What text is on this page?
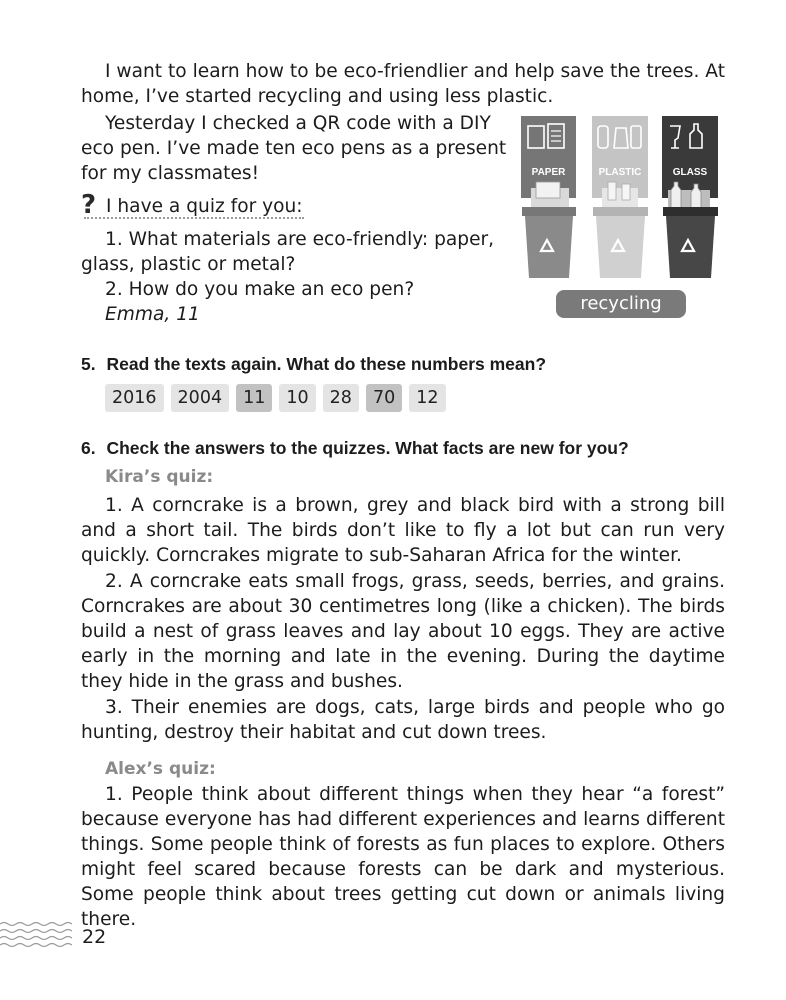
I want to learn how to be eco-friendlier and help save the trees. At home, I’ve started recycling and using less plastic.

Yesterday I checked a QR code with a DIY
eco pen. I’ve made ten eco pens as a present
for my classmates!
? I have a quiz for you:
1. What materials are eco-friendly: paper,
glass, plastic or metal?
2. How do you make an eco pen?
Emma, 11
PAPER	PLASTIC	GLASS
recycling
5. Read the texts again. What do these numbers mean?
2016	2004	11	10	28	70	12
6. Check the answers to the quizzes. What facts are new for you?
Kira’s quiz:

1. A corncrake is a brown, grey and black bird with a strong bill and a short tail. The birds don’t like to fly a lot but can run very quickly. Corncrakes migrate to sub-Saharan Africa for the winter.

2. A corncrake eats small frogs, grass, seeds, berries, and grains. Corncrakes are about 30 centimetres long (like a chicken). The birds build a nest of grass leaves and lay about 10 eggs. They are active early in the morning and late in the evening. During the daytime they hide in the grass and bushes.

3. Their enemies are dogs, cats, large birds and people who go hunting, destroy their habitat and cut down trees.

Alex’s quiz:

1. People think about different things when they hear “a forest” because everyone has had different experiences and learns different things. Some people think of forests as fun places to explore. Others might feel scared because forests can be dark and mysterious. Some people think about trees getting cut down or animals living there.

22
